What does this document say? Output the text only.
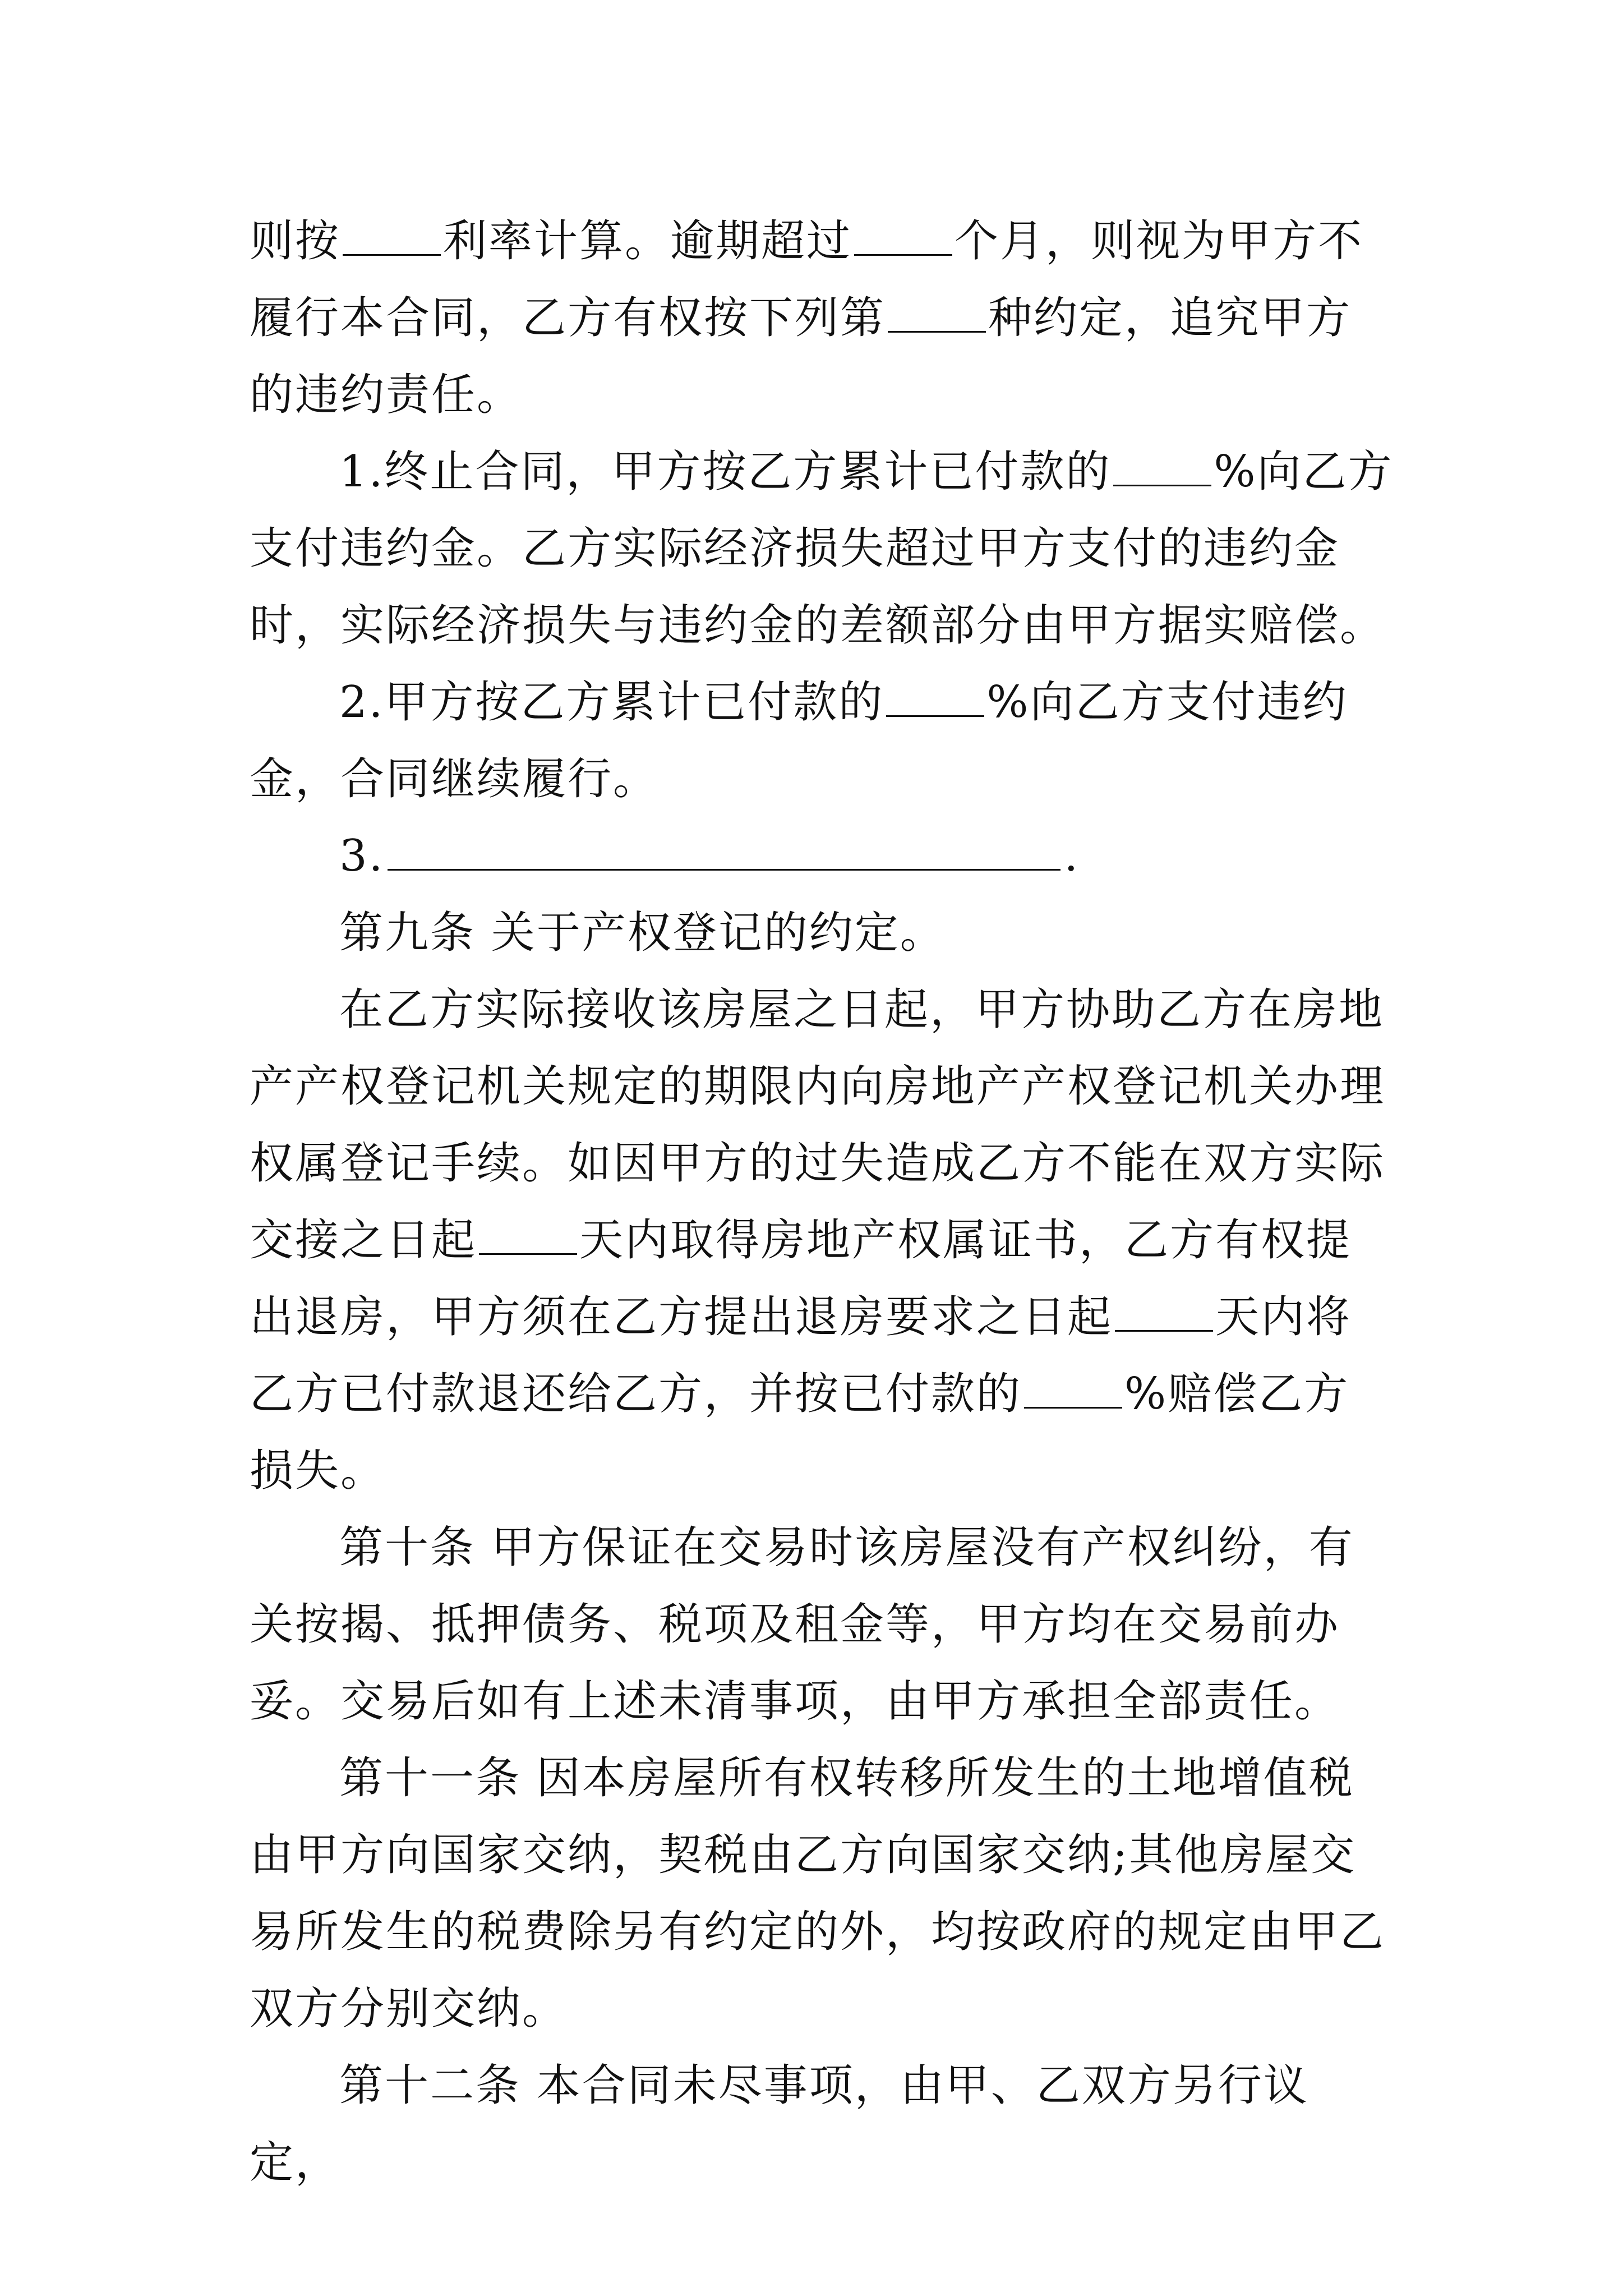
则按 利率计算。逾期超过 个月，则视为甲方不履行本合同，乙方有权按下列第 种约定，追究甲方的违约责任。

1.终止合同，甲方按乙方累计已付款的 %向乙方支付违约金。乙方实际经济损失超过甲方支付的违约金时，实际经济损失与违约金的差额部分由甲方据实赔偿。

2.甲方按乙方累计已付款的 %向乙方支付违约金，合同继续履行。

3.	.

第九条 关于产权登记的约定。

在乙方实际接收该房屋之日起，甲方协助乙方在房地产产权登记机关规定的期限内向房地产产权登记机关办理权属登记手续。如因甲方的过失造成乙方不能在双方实际交接之日起 天内取得房地产权属证书，乙方有权提出退房，甲方须在乙方提出退房要求之日起 天内将乙方已付款退还给乙方，并按已付款的 %赔偿乙方损失。

第十条 甲方保证在交易时该房屋没有产权纠纷，有关按揭、抵押债务、税项及租金等，甲方均在交易前办妥。交易后如有上述未清事项，由甲方承担全部责任。

第十一条 因本房屋所有权转移所发生的土地增值税由甲方向国家交纳，契税由乙方向国家交纳;其他房屋交易所发生的税费除另有约定的外，均按政府的规定由甲乙双方分别交纳。

第十二条 本合同未尽事项，由甲、乙双方另行议定，
